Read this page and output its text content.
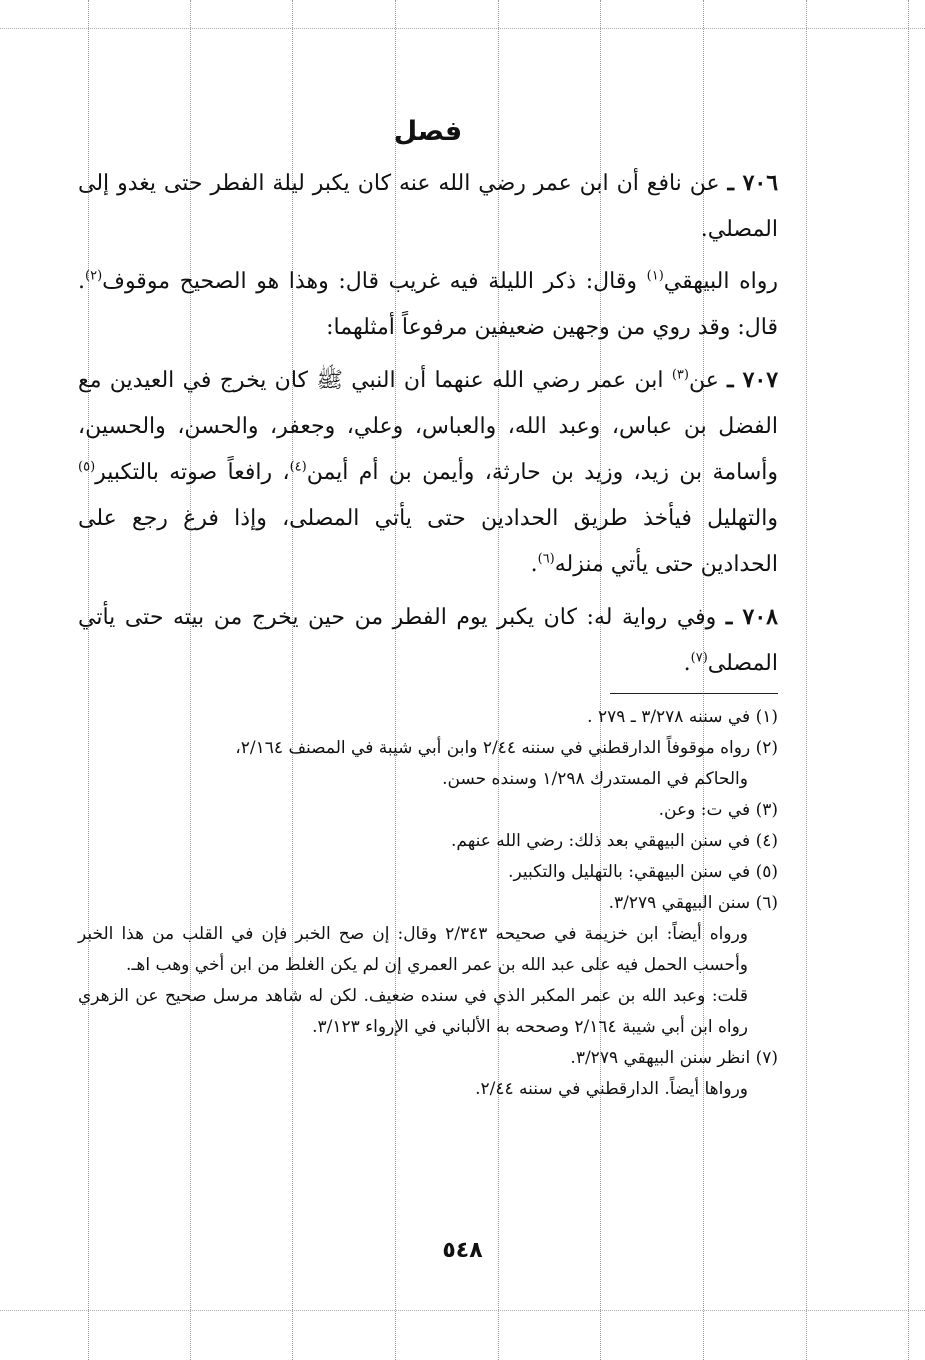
فصل

٧٠٦ ـ عن نافع أن ابن عمر رضي الله عنه كان يكبر ليلة الفطر حتى يغدو إلى المصلي.

رواه البيهقي$^{(١)}$ وقال: ذكر الليلة فيه غريب قال: وهذا هو الصحيح موقوف$^{(٢)}$. قال: وقد روي من وجهين ضعيفين مرفوعاً أمثلهما:

٧٠٧ ـ عن$^{(٣)}$ ابن عمر رضي الله عنهما أن النبي ﷺ كان يخرج في العيدين مع الفضل بن عباس، وعبد الله، والعباس، وعلي، وجعفر، والحسن، والحسين، وأسامة بن زيد، وزيد بن حارثة، وأيمن بن أم أيمن$^{(٤)}$، رافعاً صوته بالتكبير$^{(٥)}$ والتهليل فيأخذ طريق الحدادين حتى يأتي المصلى، وإذا فرغ رجع على الحدادين حتى يأتي منزله$^{(٦)}$.

٧٠٨ ـ وفي رواية له: كان يكبر يوم الفطر من حين يخرج من بيته حتى يأتي المصلى$^{(٧)}$.

(١) في سننه ٣/٢٧٨ ـ ٢٧٩ .

(٢) رواه موقوفاً الدارقطني في سننه ٢/٤٤ وابن أبي شيبة في المصنف ٢/١٦٤،

والحاكم في المستدرك ١/٢٩٨ وسنده حسن.

(٣) في ت: وعن.

(٤) في سنن البيهقي بعد ذلك: رضي الله عنهم.

(٥) في سنن البيهقي: بالتهليل والتكبير.

(٦) سنن البيهقي ٣/٢٧٩.

ورواه أيضاً: ابن خزيمة في صحيحه ٢/٣٤٣ وقال: إن صح الخبر فإن في القلب من هذا الخبر وأحسب الحمل فيه على عبد الله بن عمر العمري إن لم يكن الغلط من ابن أخي وهب اهـ.

قلت: وعبد الله بن عمر المكبر الذي في سنده ضعيف. لكن له شاهد مرسل صحيح عن الزهري رواه ابن أبي شيبة ٢/١٦٤ وصححه به الألباني في الإرواء ٣/١٢٣.

(٧) انظر سنن البيهقي ٣/٢٧٩.

ورواها أيضاً. الدارقطني في سننه ٢/٤٤.

٥٤٨
